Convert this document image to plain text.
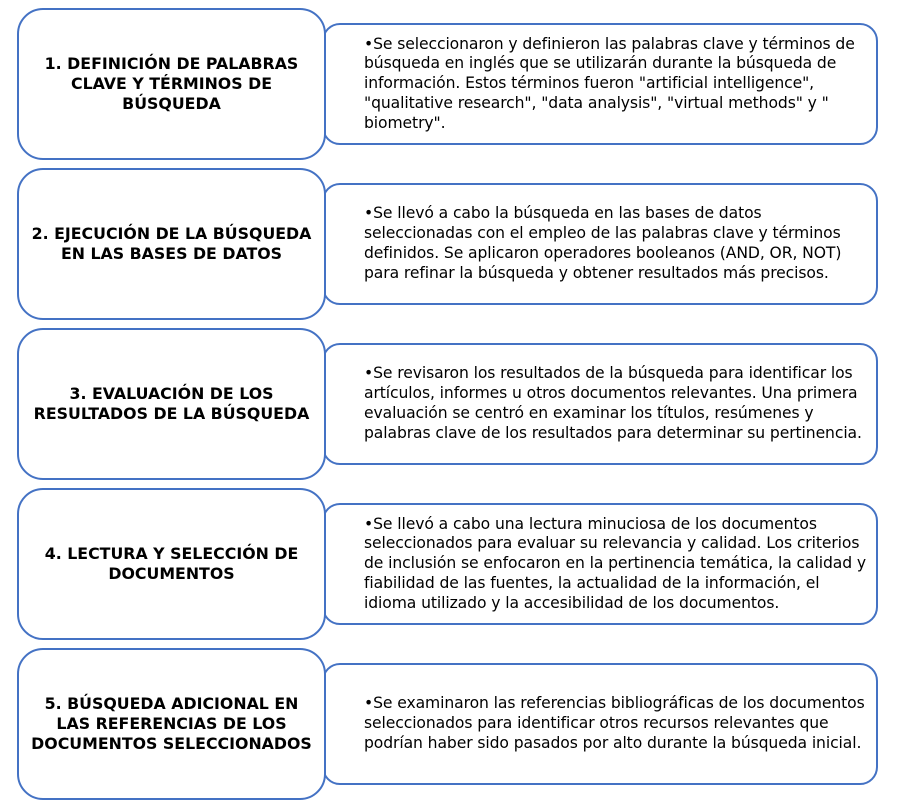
1. DEFINICIÓN DE PALABRAS CLAVE Y TÉRMINOS DE BÚSQUEDA

•Se seleccionaron y definieron las palabras clave y términos de búsqueda en inglés que se utilizarán durante la búsqueda de información. Estos términos fueron "artificial intelligence", "qualitative research", "data analysis", "virtual methods" y " biometry".

2. EJECUCIÓN DE LA BÚSQUEDA EN LAS BASES DE DATOS

•Se llevó a cabo la búsqueda en las bases de datos seleccionadas con el empleo de las palabras clave y términos definidos. Se aplicaron operadores booleanos (AND, OR, NOT) para refinar la búsqueda y obtener resultados más precisos.

3. EVALUACIÓN DE LOS RESULTADOS DE LA BÚSQUEDA

•Se revisaron los resultados de la búsqueda para identificar los artículos, informes u otros documentos relevantes. Una primera evaluación se centró en examinar los títulos, resúmenes y palabras clave de los resultados para determinar su pertinencia.

4. LECTURA Y SELECCIÓN DE DOCUMENTOS

•Se llevó a cabo una lectura minuciosa de los documentos seleccionados para evaluar su relevancia y calidad. Los criterios de inclusión se enfocaron en la pertinencia temática, la calidad y fiabilidad de las fuentes, la actualidad de la información, el idioma utilizado y la accesibilidad de los documentos.

5. BÚSQUEDA ADICIONAL EN LAS REFERENCIAS DE LOS DOCUMENTOS SELECCIONADOS

•Se examinaron las referencias bibliográficas de los documentos seleccionados para identificar otros recursos relevantes que podrían haber sido pasados por alto durante la búsqueda inicial.
